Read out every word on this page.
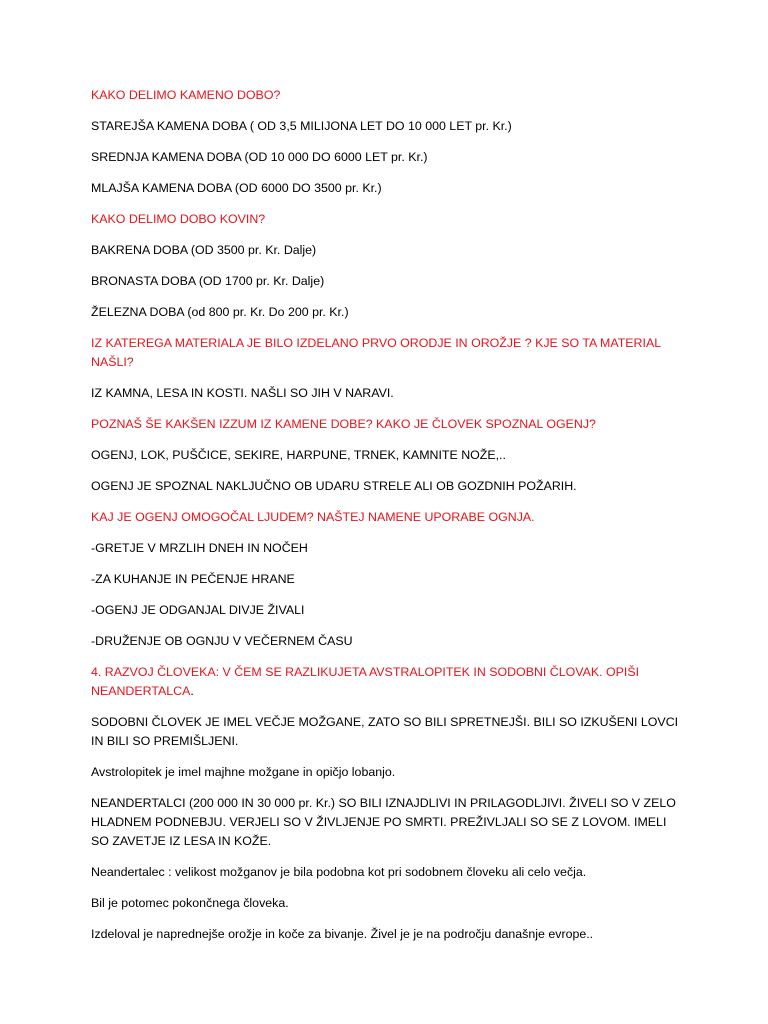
KAKO DELIMO KAMENO DOBO?

STAREJŠA KAMENA DOBA ( OD 3,5 MILIJONA LET DO 10 000 LET pr. Kr.)

SREDNJA KAMENA DOBA (OD 10 000 DO 6000 LET pr. Kr.)

MLAJŠA KAMENA DOBA (OD 6000 DO 3500 pr. Kr.)

KAKO DELIMO DOBO KOVIN?

BAKRENA DOBA (OD 3500 pr. Kr. Dalje)

BRONASTA DOBA (OD 1700 pr. Kr. Dalje)

ŽELEZNA DOBA (od 800 pr. Kr. Do 200 pr. Kr.)

IZ KATEREGA MATERIALA JE BILO IZDELANO PRVO ORODJE IN OROŽJE ? KJE SO TA MATERIAL NAŠLI?

IZ KAMNA, LESA IN KOSTI. NAŠLI SO JIH V NARAVI.

POZNAŠ ŠE KAKŠEN IZZUM IZ KAMENE DOBE? KAKO JE ČLOVEK SPOZNAL OGENJ?

OGENJ, LOK, PUŠČICE, SEKIRE, HARPUNE, TRNEK, KAMNITE NOŽE,..

OGENJ JE SPOZNAL NAKLJUČNO OB UDARU STRELE ALI OB GOZDNIH POŽARIH.

KAJ JE OGENJ OMOGOČAL LJUDEM? NAŠTEJ NAMENE UPORABE OGNJA.

-GRETJE V MRZLIH DNEH IN NOČEH

-ZA KUHANJE IN PEČENJE HRANE

-OGENJ JE ODGANJAL DIVJE ŽIVALI

-DRUŽENJE OB OGNJU V VEČERNEM ČASU

4. RAZVOJ ČLOVEKA: V ČEM SE RAZLIKUJETA AVSTRALOPITEK IN SODOBNI ČLOVAK. OPIŠI NEANDERTALCA.

SODOBNI ČLOVEK JE IMEL VEČJE MOŽGANE, ZATO SO BILI SPRETNEJŠI. BILI SO IZKUŠENI LOVCI IN BILI SO PREMIŠLJENI.

Avstrolopitek je imel majhne možgane in opičjo lobanjo.

NEANDERTALCI (200 000 IN 30 000 pr. Kr.) SO BILI IZNAJDLIVI IN PRILAGODLJIVI. ŽIVELI SO V ZELO HLADNEM PODNEBJU. VERJELI SO V ŽIVLJENJE PO SMRTI. PREŽIVLJALI SO SE Z LOVOM. IMELI SO ZAVETJE IZ LESA IN KOŽE.

Neandertalec : velikost možganov je bila podobna kot pri sodobnem človeku ali celo večja.

Bil je potomec pokončnega človeka.

Izdeloval je naprednejše orožje in koče za bivanje. Živel je je na področju današnje evrope..
